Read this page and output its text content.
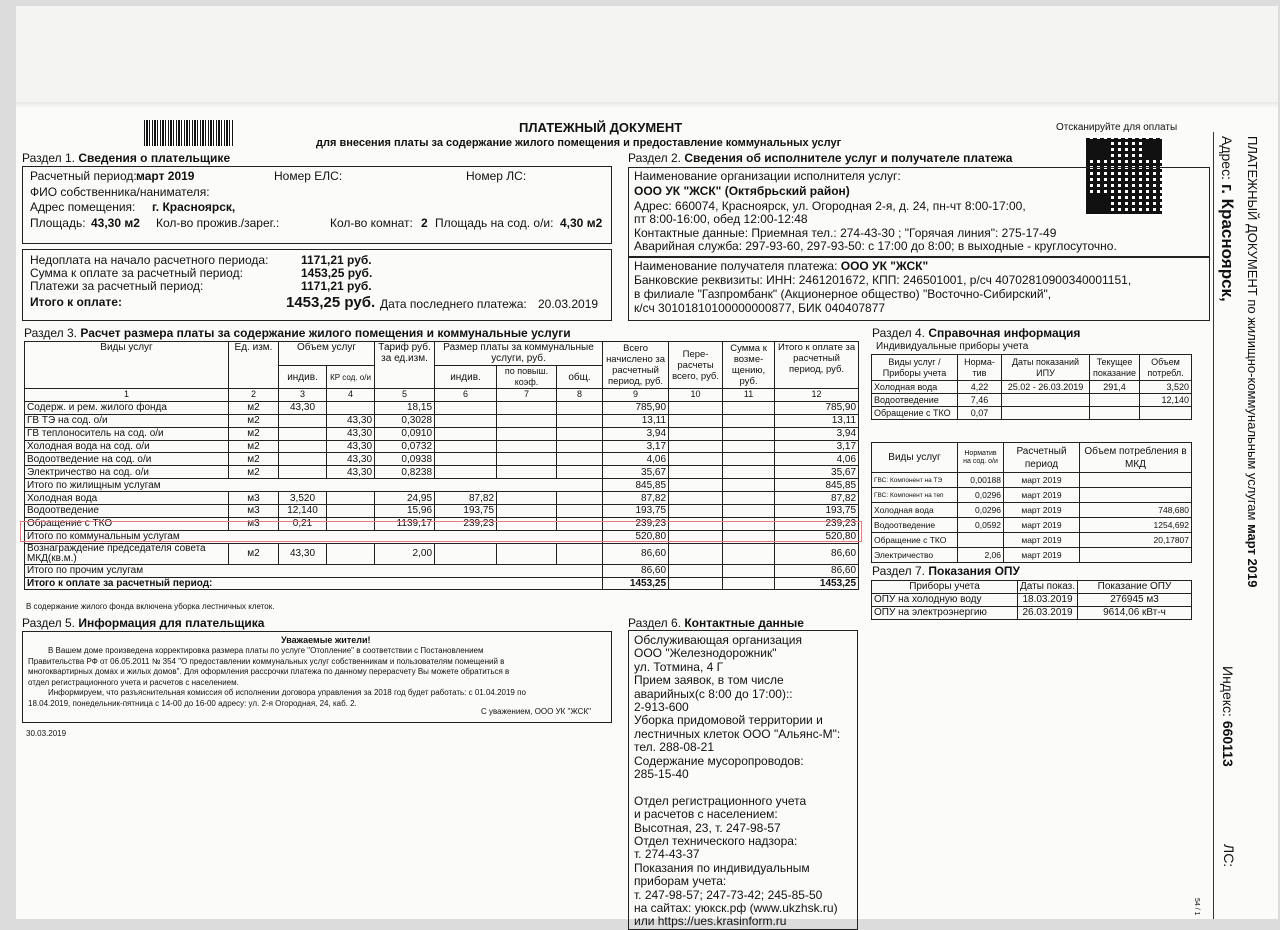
ПЛАТЕЖНЫЙ ДОКУМЕНТ
для внесения платы за содержание жилого помещения и предоставление коммунальных услуг
Отсканируйте для оплаты
Раздел 1. Сведения о плательщике
Расчетный период: март 2019	Номер ЕЛС:	Номер ЛС:
ФИО собственника/нанимателя:
Адрес помещения: г. Красноярск,
Площадь: 43,30 м2 Кол-во прожив./зарег.:	Кол-во комнат: 2 Площадь на сод. о/и: 4,30 м2
Недоплата на начало расчетного периода:	1171,21 руб.
Сумма к оплате за расчетный период:	1453,25 руб.
Платежи за расчетный период:	1171,21 руб.
Итого к оплате:	1453,25 руб. Дата последнего платежа: 20.03.2019
Раздел 2. Сведения об исполнителе услуг и получателе платежа
Наименование организации исполнителя услуг:
ООО УК "ЖСК" (Октябрьский район)
Адрес: 660074, Красноярск, ул. Огородная 2-я, д. 24, пн-чт 8:00-17:00,
пт 8:00-16:00, обед 12:00-12:48
Контактные данные: Приемная тел.: 274-43-30 ; "Горячая линия": 275-17-49
Аварийная служба: 297-93-60, 297-93-50: с 17:00 до 8:00; в выходные - круглосуточно.
Наименование получателя платежа: ООО УК "ЖСК"
Банковские реквизиты: ИНН: 2461201672, КПП: 246501001, р/сч 40702810900340001151,
в филиале "Газпромбанк" (Акционерное общество) "Восточно-Сибирский",
к/сч 30101810100000000877, БИК 040407877
Раздел 3. Расчет размера платы за содержание жилого помещения и коммунальные услуги
Виды услуг	Ед. изм.	Объем услуг		Тариф руб. за ед.изм.	Размер платы за коммунальные услуги, руб.			Всего начислено за расчетный период, руб.	Пере-расчеты всего, руб.	Сумма к возме-щению, руб.	Итого к оплате за расчетный период, руб.
		индив.	КР сод. о/и		индив.	по повыш. коэф.	общ.				
1	2	3	4	5	6	7	8	9	10	11	12
Содерж. и рем. жилого фонда	м2	43,30		18,15				785,90			785,90
ГВ ТЭ на сод. о/и	м2		43,30	0,3028				13,11			13,11
ГВ теплоноситель на сод. о/и	м2		43,30	0,0910				3,94			3,94
Холодная вода на сод. о/и	м2		43,30	0,0732				3,17			3,17
Водоотведение на сод. о/и	м2		43,30	0,0938				4,06			4,06
Электричество на сод. о/и	м2		43,30	0,8238				35,67			35,67
Итого по жилищным услугам								845,85			845,85
Холодная вода	м3	3,520		24,95	87,82			87,82			87,82
Водоотведение	м3	12,140		15,96	193,75			193,75			193,75
Обращение с ТКО	м3	0,21		1139,17	239,23			239,23			239,23
Итого по коммунальным услугам								520,80			520,80
Вознаграждение председателя совета МКД(кв.м.)	м2	43,30		2,00				86,60			86,60
Итого по прочим услугам								86,60			86,60
Итого к оплате за расчетный период:								1453,25			1453,25
В содержание жилого фонда включена уборка лестничных клеток.
Раздел 4. Справочная информация
Индивидуальные приборы учета
Виды услуг / Приборы учета	Норма-тив	Даты показаний ИПУ	Текущее показание	Объем потребл.
Холодная вода	4,22	25.02 - 26.03.2019	291,4	3,520
Водоотведение	7,46			12,140
Обращение с ТКО	0,07			
Виды услуг	Норматив на сод. о/и	Расчетный период	Объем потребления в МКД
ГВС: Компонент на ТЭ	0,00188	март 2019	
ГВС: Компонент на теп	0,0296	март 2019	
Холодная вода	0,0296	март 2019	748,680
Водоотведение	0,0592	март 2019	1254,692
Обращение с ТКО		март 2019	20,17807
Электричество	2,06	март 2019	
Раздел 7. Показания ОПУ
Приборы учета	Даты показ.	Показание ОПУ
ОПУ на холодную воду	18.03.2019	276945 м3
ОПУ на электроэнергию	26.03.2019	9614,06 кВт-ч
Раздел 5. Информация для плательщика
Уважаемые жители!
В Вашем доме произведена корректировка размера платы по услуге "Отопление" в соответствии с Постановлением
Правительства РФ от 06.05.2011 № 354 "О предоставлении коммунальных услуг собственникам и пользователям помещений в
многоквартирных домах и жилых домов". Для оформления рассрочки платежа по данному перерасчету Вы можете обратиться в
отдел регистрационного учета и расчетов с населением.
Информируем, что разъяснительная комиссия об исполнении договора управления за 2018 год будет работать: с 01.04.2019 по
18.04.2019, понедельник-пятница с 14-00 до 16-00 адресу: ул. 2-я Огородная, 24, каб. 2.
С уважением, ООО УК "ЖСК"
30.03.2019
Раздел 6. Контактные данные
Обслуживающая организация
ООО "Железнодорожник"
ул. Тотмина, 4 Г
Прием заявок, в том числе
аварийных(с 8:00 до 17:00)::
2-913-600
Уборка придомовой территории и
лестничных клеток ООО "Альянс-М":
тел. 288-08-21
Содержание мусоропроводов:
285-15-40
Отдел регистрационного учета
и расчетов с населением:
Высотная, 23, т. 247-98-57
Отдел технического надзора:
т. 274-43-37
Показания по индивидуальным
приборам учета:
т. 247-98-57; 247-73-42; 245-85-50
на сайтах: уюкск.рф (www.ukzhsk.ru)
или https://ues.krasinform.ru
ПЛАТЕЖНЫЙ ДОКУМЕНТ по жилищно-коммунальным услугам март 2019
Адрес: г. Красноярск,
Индекс: 660113
ЛС:
54 / 1
